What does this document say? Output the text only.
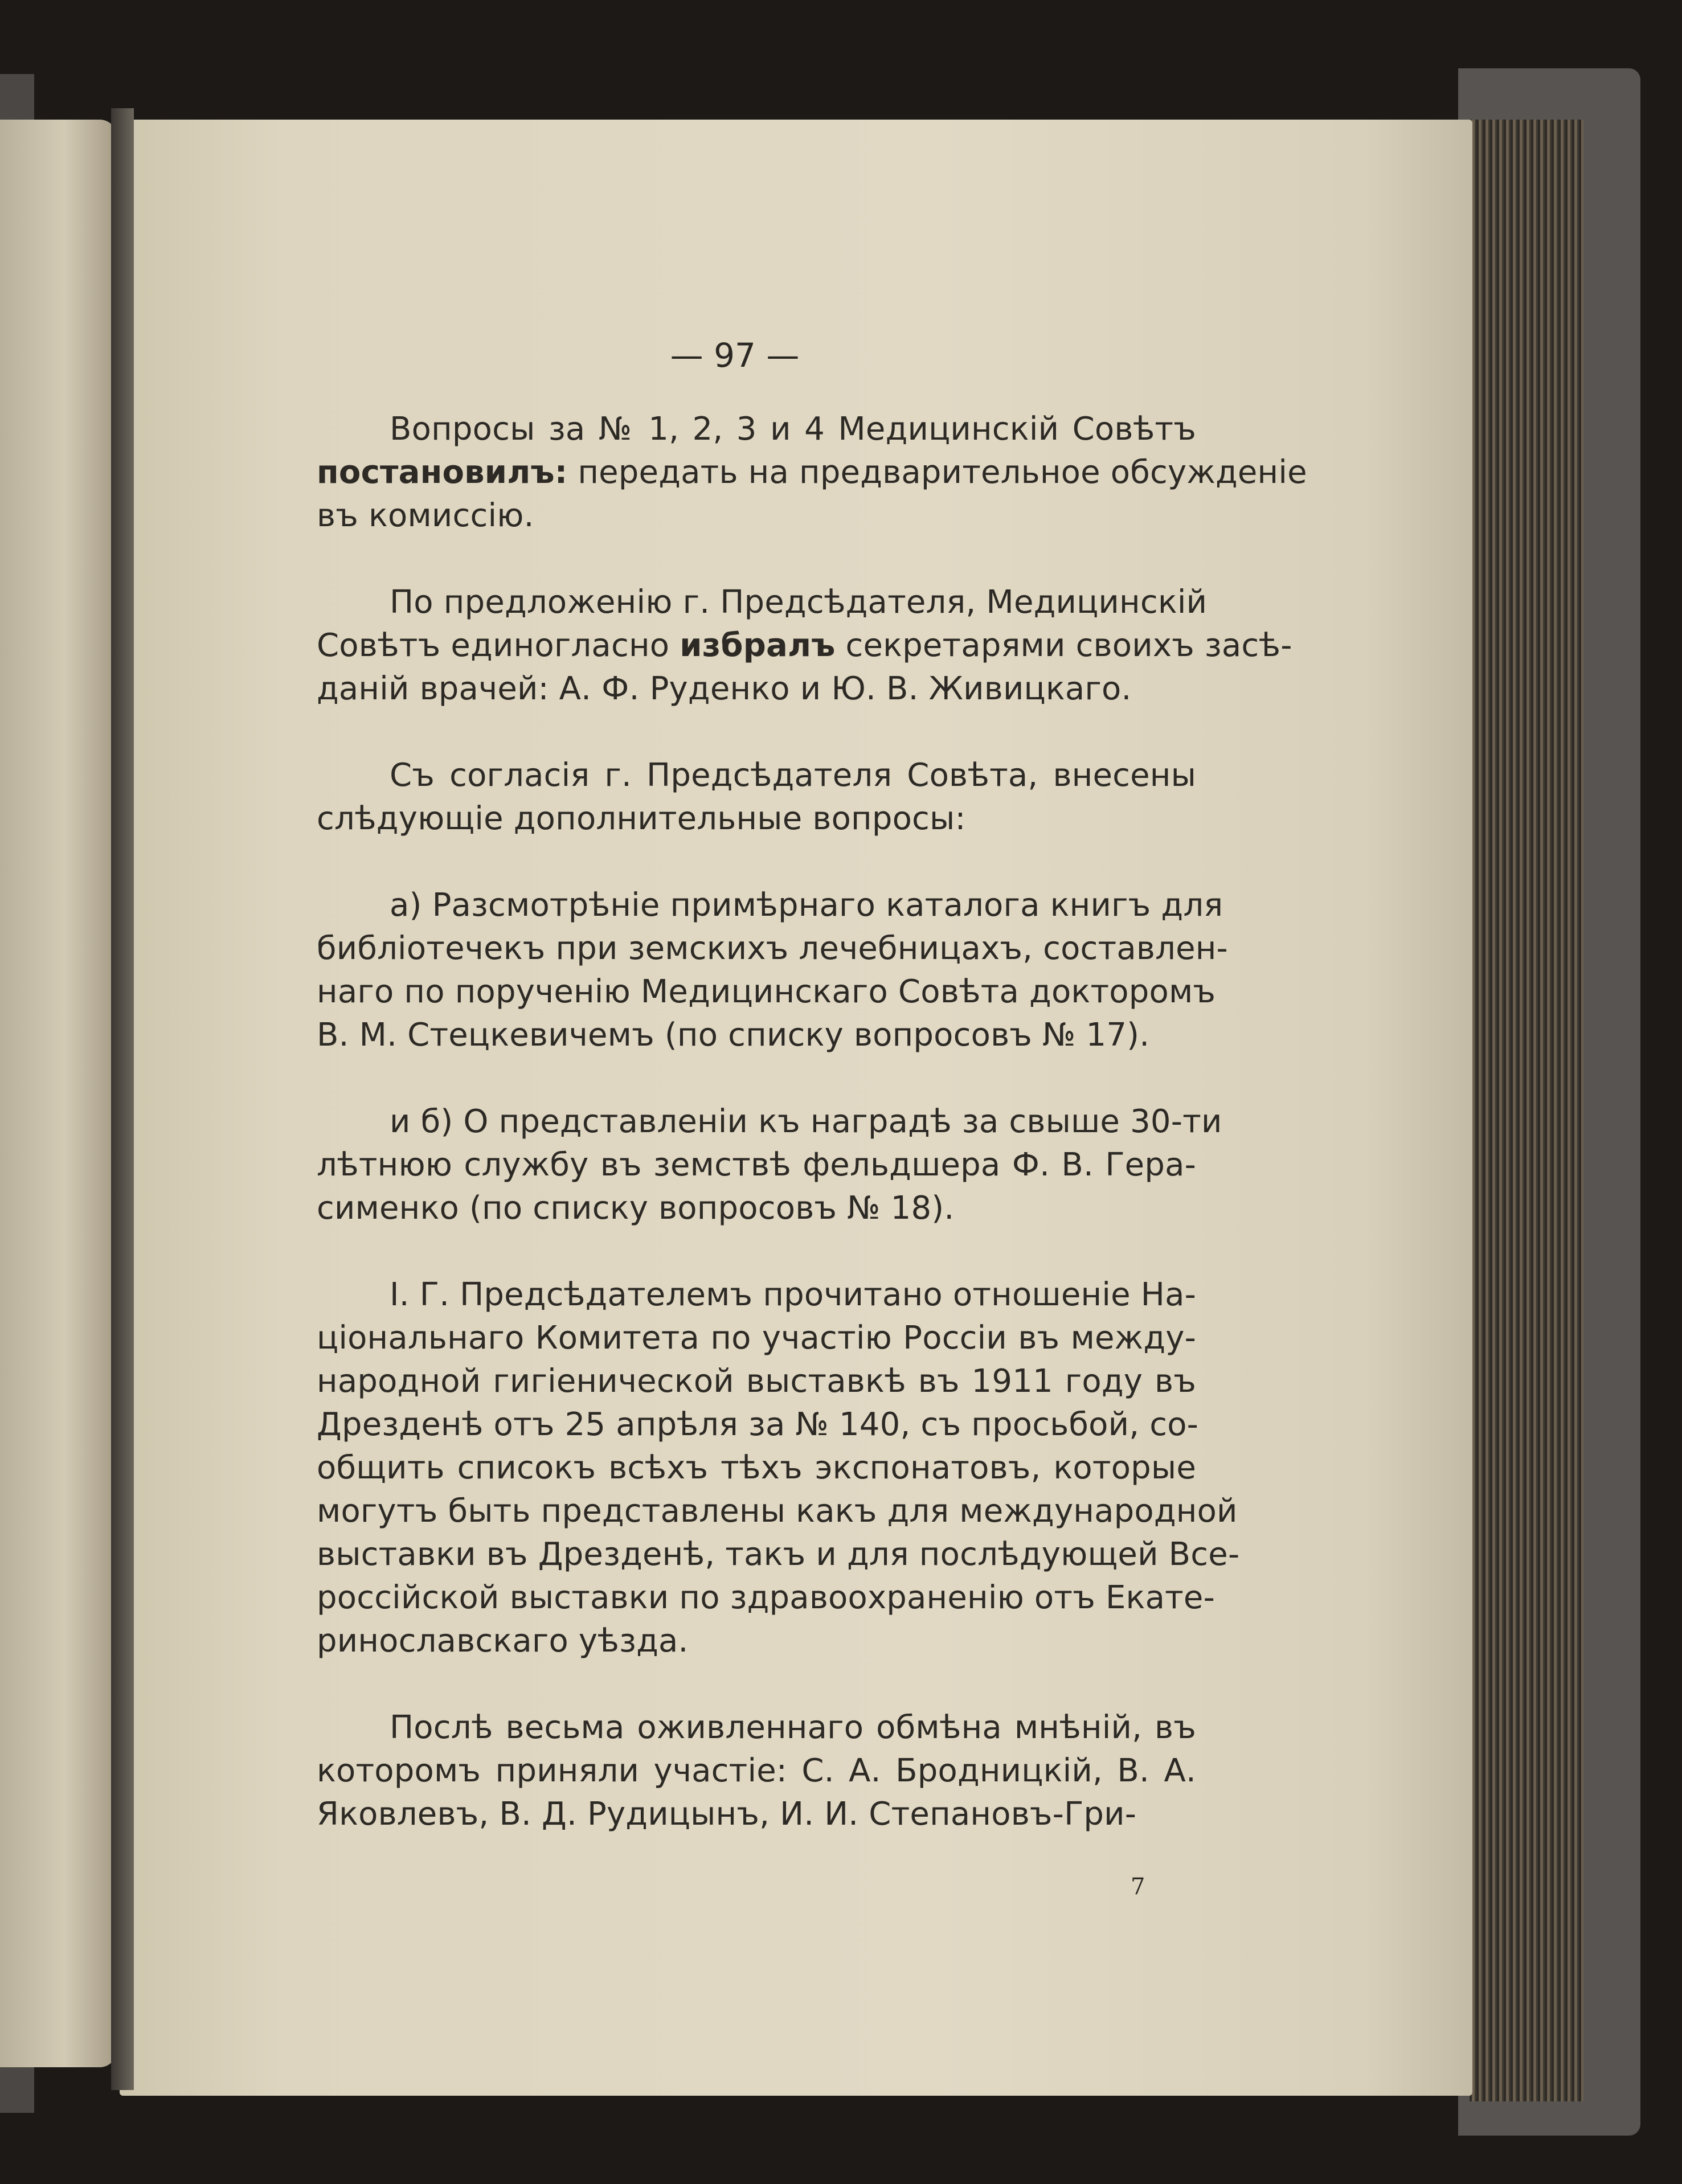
— 97 —
Вопросы за № 1, 2, 3 и 4 Медицинскій Совѣтъ
постановилъ: передать на предварительное обсужденіе
въ комиссію.
По предложенію г. Предсѣдателя, Медицинскій
Совѣтъ единогласно избралъ секретарями своихъ засѣ-
даній врачей: А. Ф. Руденко и Ю. В. Живицкаго.
Съ согласія г. Предсѣдателя Совѣта, внесены
слѣдующіе дополнительные вопросы:
а) Разсмотрѣніе примѣрнаго каталога книгъ для
библіотечекъ при земскихъ лечебницахъ, составлен-
наго по порученію Медицинскаго Совѣта докторомъ
В. М. Стецкевичемъ (по списку вопросовъ № 17).
и б) О представленіи къ наградѣ за свыше 30-ти
лѣтнюю службу въ земствѣ фельдшера Ф. В. Гера-
сименко (по списку вопросовъ № 18).
I. Г. Предсѣдателемъ прочитано отношеніе На-
ціональнаго Комитета по участію Россіи въ между-
народной гигіенической выставкѣ въ 1911 году въ
Дрезденѣ отъ 25 апрѣля за № 140, съ просьбой, со-
общить списокъ всѣхъ тѣхъ экспонатовъ, которые
могутъ быть представлены какъ для международной
выставки въ Дрезденѣ, такъ и для послѣдующей Все-
россійской выставки по здравоохраненію отъ Екате-
ринославскаго уѣзда.
Послѣ весьма оживленнаго обмѣна мнѣній, въ
которомъ приняли участіе: С. А. Бродницкій, В. А.
Яковлевъ, В. Д. Рудицынъ, И. И. Степановъ-Гри-
7
